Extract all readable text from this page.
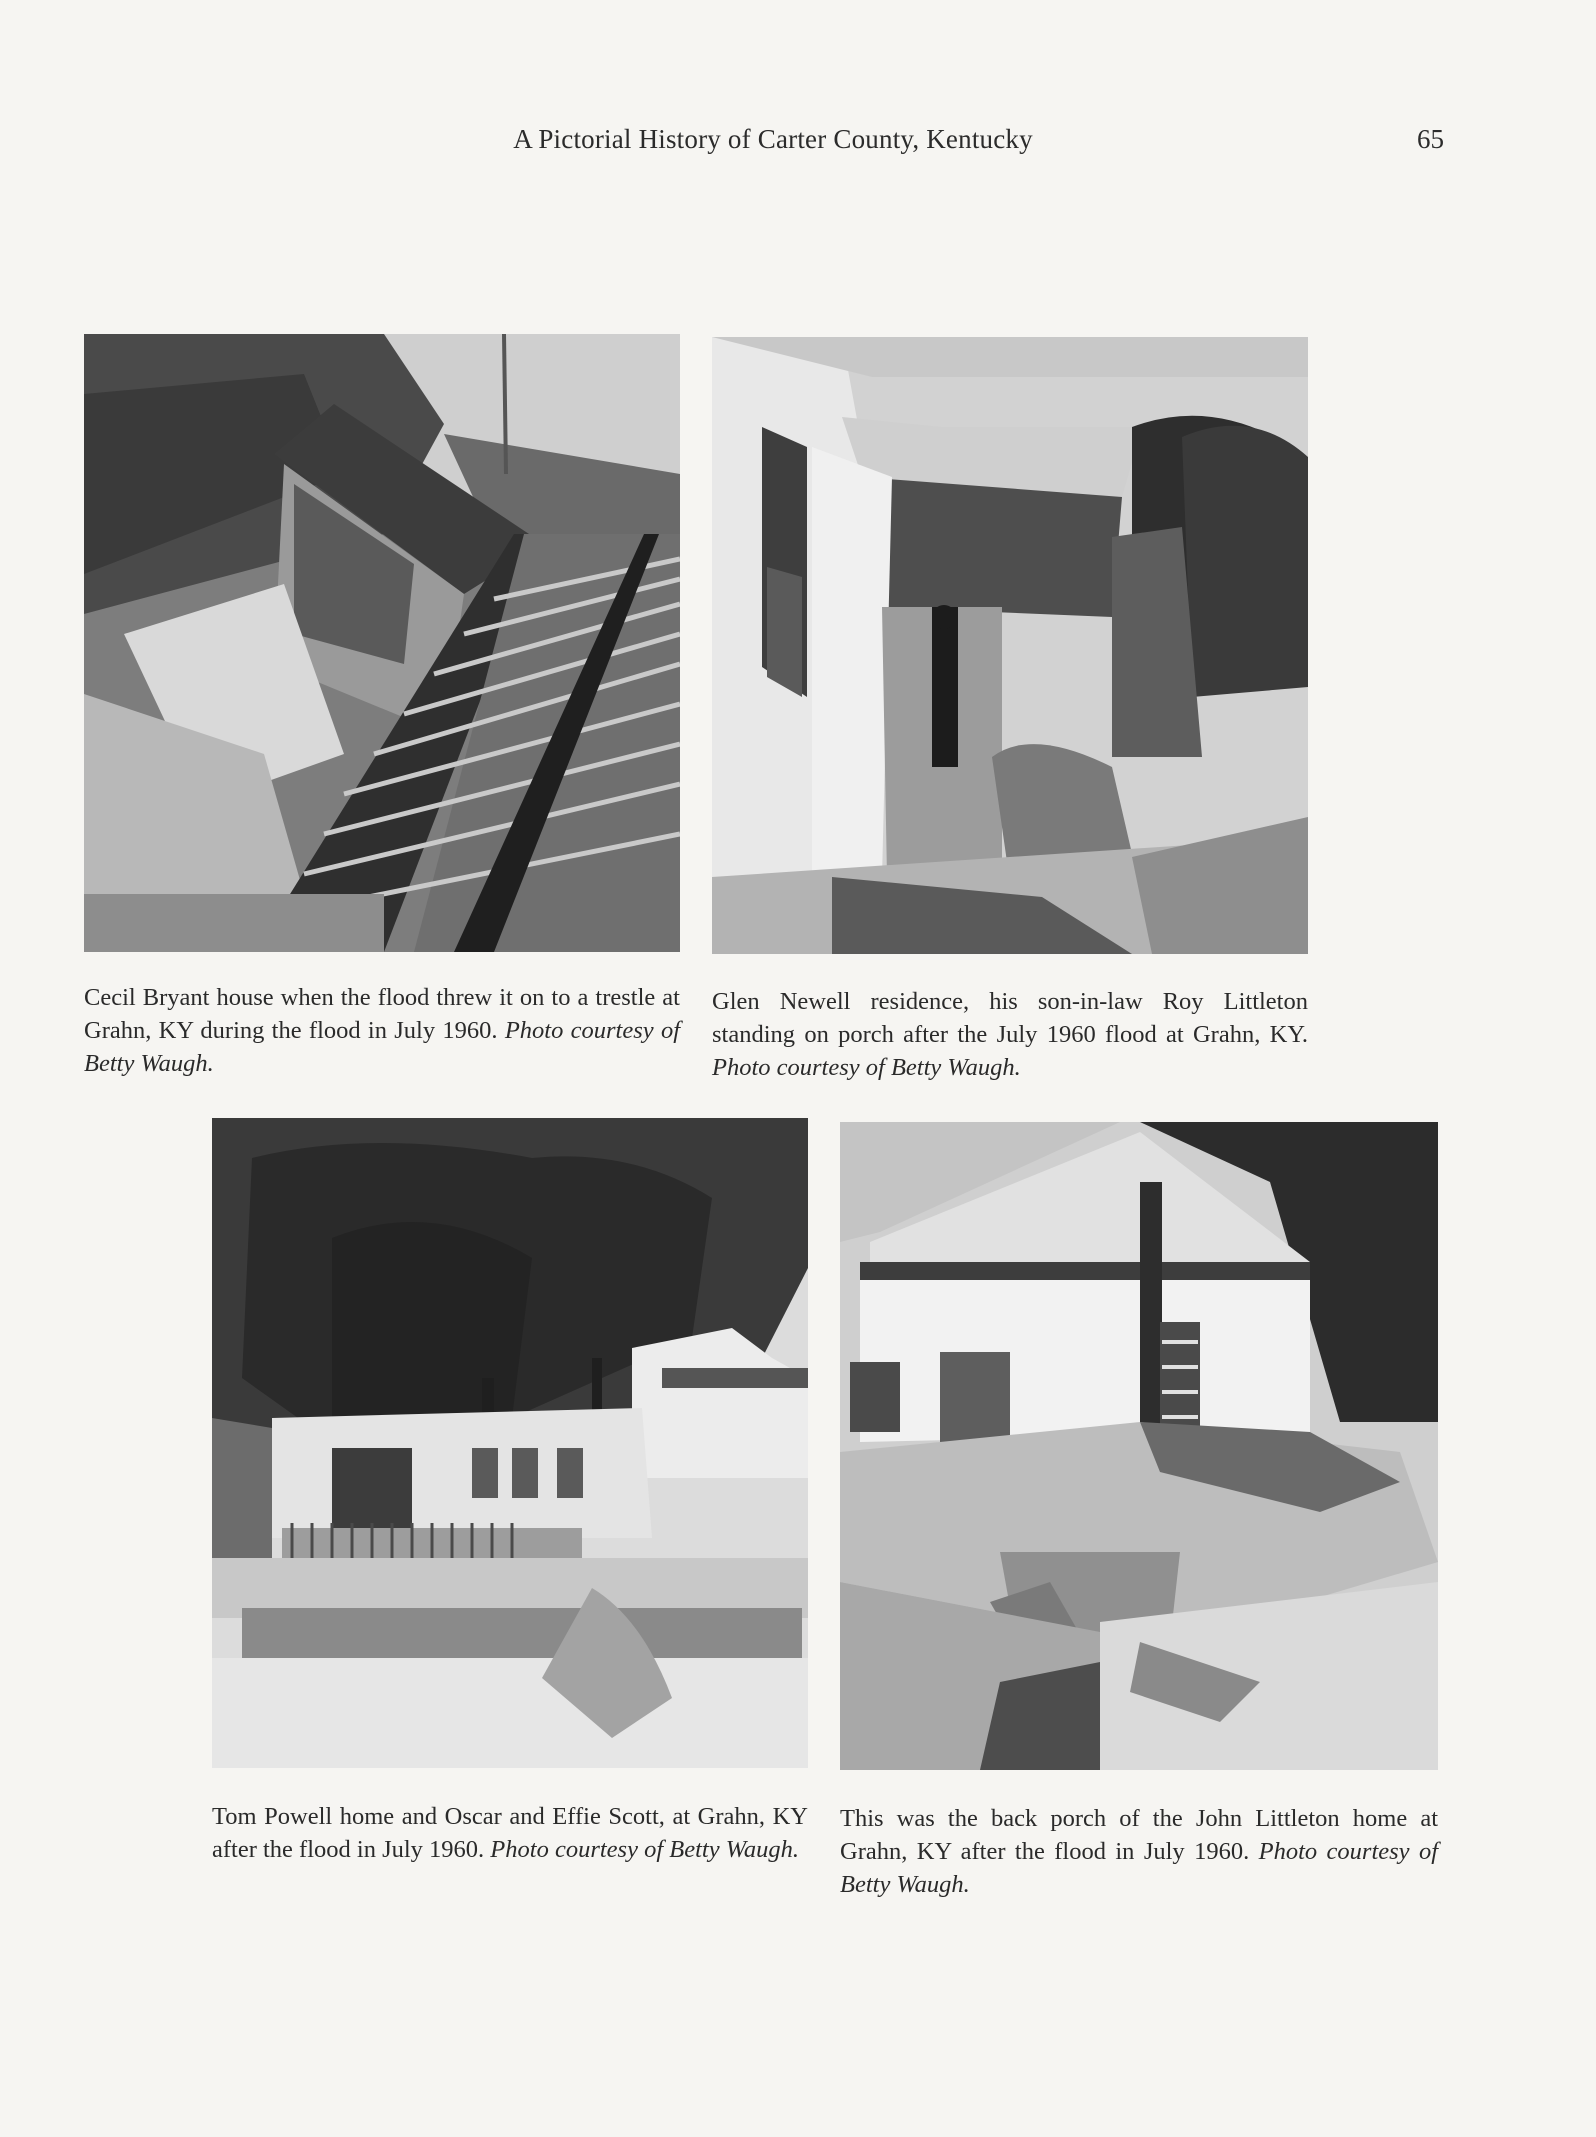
A Pictorial History of Carter County, Kentucky	65
Cecil Bryant house when the flood threw it on to a trestle at Grahn, KY during the flood in July 1960. Photo courtesy of Betty Waugh.
Glen Newell residence, his son-in-law Roy Littleton standing on porch after the July 1960 flood at Grahn, KY. Photo courtesy of Betty Waugh.
Tom Powell home and Oscar and Effie Scott, at Grahn, KY after the flood in July 1960. Photo courtesy of Betty Waugh.
This was the back porch of the John Littleton home at Grahn, KY after the flood in July 1960. Photo courtesy of Betty Waugh.
